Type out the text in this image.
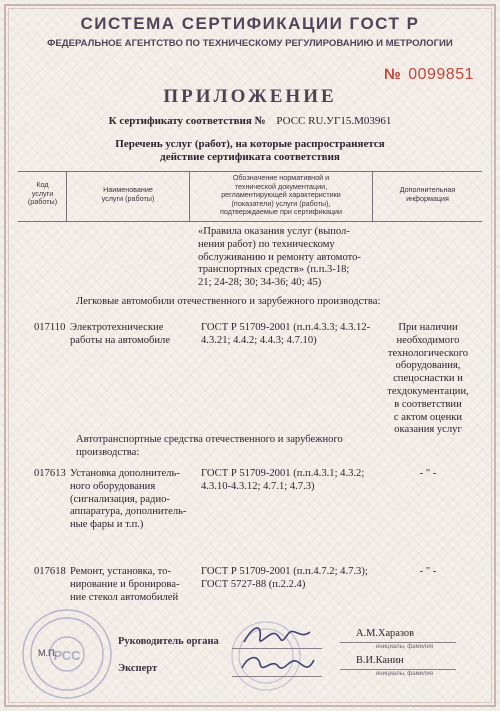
СИСТЕМА СЕРТИФИКАЦИИ ГОСТ Р
ФЕДЕРАЛЬНОЕ АГЕНТСТВО ПО ТЕХНИЧЕСКОМУ РЕГУЛИРОВАНИЮ И МЕТРОЛОГИИ
№ 0099851
ПРИЛОЖЕНИЕ
К сертификату соответствия № РОСС RU.УГ15.М03961
Перечень услуг (работ), на которые распространяется
действие сертификата соответствия
Код
услуги
(работы)
Наименование
услуги (работы)
Обозначение нормативной и
технической документации,
регламентирующей характеристики
(показатели) услуги (работы),
подтверждаемые при сертификации
Дополнительная
информация
«Правила оказания услуг (выпол-
нения работ) по техническому
обслуживанию и ремонту автомото-
транспортных средств» (п.п.3-18;
21; 24-28; 30; 34-36; 40; 45)
Легковые автомобили отечественного и зарубежного производства:
017110 Электротехнические
работы на автомобиле
ГОСТ Р 51709-2001 (п.п.4.3.3; 4.3.12-
4.3.21; 4.4.2; 4.4.3; 4.7.10)
При наличии
необходимого
технологического
оборудования,
спецоснастки и
техдокументации,
в соответствии
с актом оценки
оказания услуг
Автотранспортные средства отечественного и зарубежного
производства:
017613 Установка дополнитель-
ного оборудования
(сигнализация, радио-
аппаратура, дополнитель-
ные фары и т.п.)
ГОСТ Р 51709-2001 (п.п.4.3.1; 4.3.2;
4.3.10-4.3.12; 4.7.1; 4.7.3)
- " -
017618 Ремонт, установка, то-
нирование и бронирова-
ние стекол автомобилей
ГОСТ Р 51709-2001 (п.п.4.7.2; 4.7.3);
ГОСТ 5727-88 (п.2.2.4)
- " -
РСС
М.П.
Руководитель органа
А.М.Харазов
инициалы, фамилия
Эксперт
В.И.Канин
инициалы, фамилия
